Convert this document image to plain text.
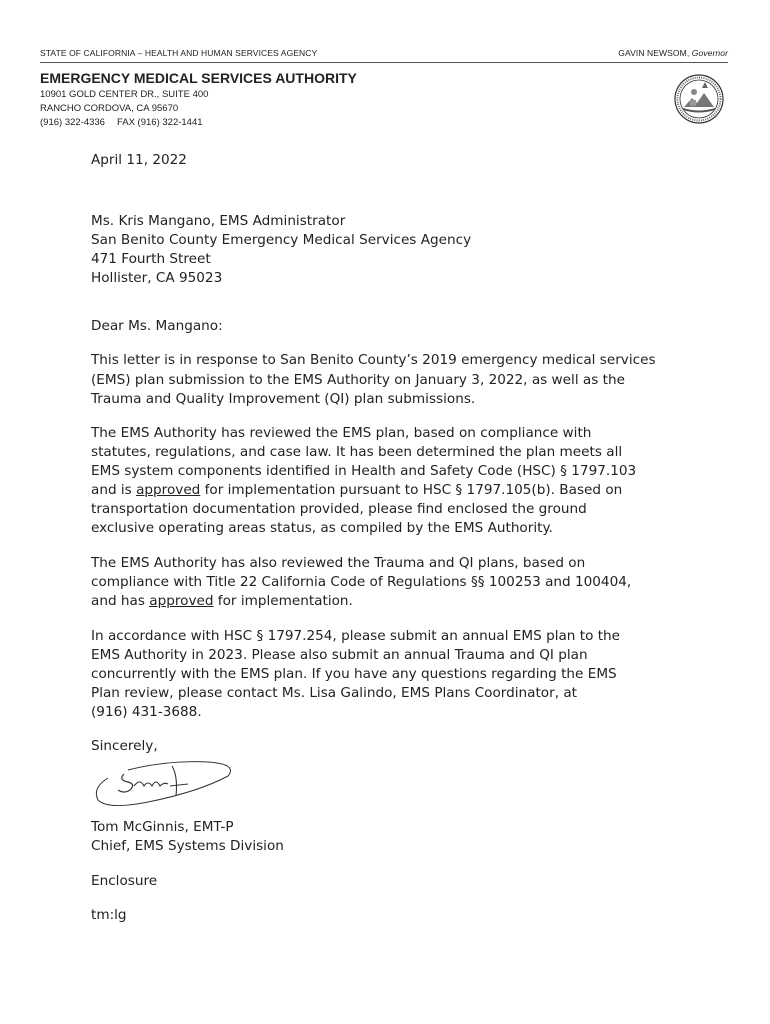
STATE OF CALIFORNIA – HEALTH AND HUMAN SERVICES AGENCY	GAVIN NEWSOM, Governor
EMERGENCY MEDICAL SERVICES AUTHORITY
10901 GOLD CENTER DR., SUITE 400
RANCHO CORDOVA, CA 95670
(916) 322-4336 FAX (916) 322-1441
April 11, 2022
Ms. Kris Mangano, EMS Administrator
San Benito County Emergency Medical Services Agency
471 Fourth Street
Hollister, CA 95023
Dear Ms. Mangano:
This letter is in response to San Benito County’s 2019 emergency medical services
(EMS) plan submission to the EMS Authority on January 3, 2022, as well as the
Trauma and Quality Improvement (QI) plan submissions.
The EMS Authority has reviewed the EMS plan, based on compliance with
statutes, regulations, and case law. It has been determined the plan meets all
EMS system components identified in Health and Safety Code (HSC) § 1797.103
and is approved for implementation pursuant to HSC § 1797.105(b). Based on
transportation documentation provided, please find enclosed the ground
exclusive operating areas status, as compiled by the EMS Authority.
The EMS Authority has also reviewed the Trauma and QI plans, based on
compliance with Title 22 California Code of Regulations §§ 100253 and 100404,
and has approved for implementation.
In accordance with HSC § 1797.254, please submit an annual EMS plan to the
EMS Authority in 2023. Please also submit an annual Trauma and QI plan
concurrently with the EMS plan. If you have any questions regarding the EMS
Plan review, please contact Ms. Lisa Galindo, EMS Plans Coordinator, at
(916) 431-3688.
Sincerely,
Tom McGinnis, EMT-P
Chief, EMS Systems Division
Enclosure
tm:lg
